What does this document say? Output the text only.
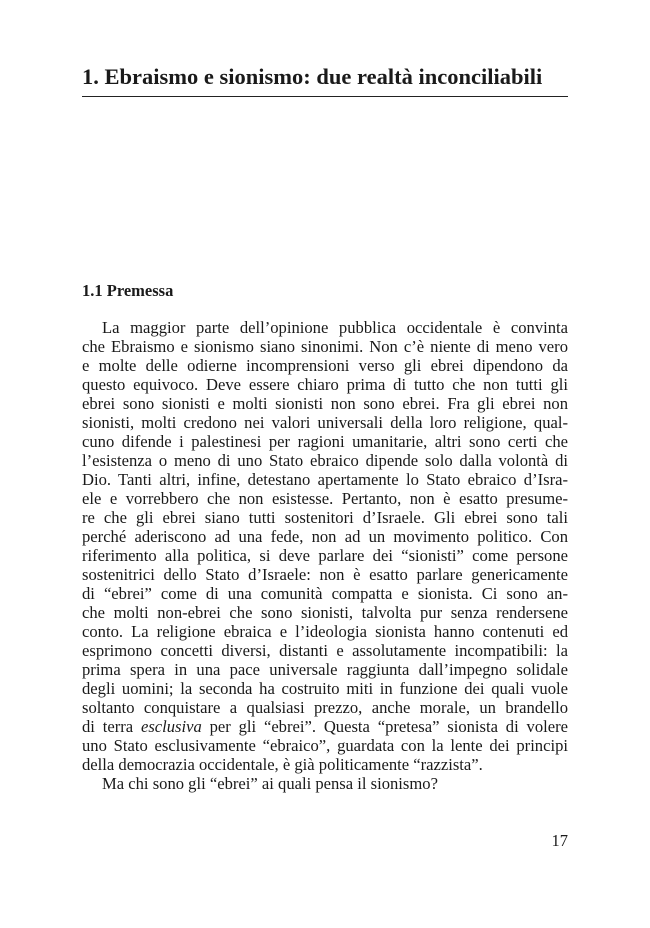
1. Ebraismo e sionismo: due realtà inconciliabili
1.1 Premessa
La maggior parte dell’opinione pubblica occidentale è convinta
che Ebraismo e sionismo siano sinonimi. Non c’è niente di meno vero
e molte delle odierne incomprensioni verso gli ebrei dipendono da
questo equivoco. Deve essere chiaro prima di tutto che non tutti gli
ebrei sono sionisti e molti sionisti non sono ebrei. Fra gli ebrei non
sionisti, molti credono nei valori universali della loro religione, qual-
cuno difende i palestinesi per ragioni umanitarie, altri sono certi che
l’esistenza o meno di uno Stato ebraico dipende solo dalla volontà di
Dio. Tanti altri, infine, detestano apertamente lo Stato ebraico d’Isra-
ele e vorrebbero che non esistesse. Pertanto, non è esatto presume-
re che gli ebrei siano tutti sostenitori d’Israele. Gli ebrei sono tali
perché aderiscono ad una fede, non ad un movimento politico. Con
riferimento alla politica, si deve parlare dei “sionisti” come persone
sostenitrici dello Stato d’Israele: non è esatto parlare genericamente
di “ebrei” come di una comunità compatta e sionista. Ci sono an-
che molti non-ebrei che sono sionisti, talvolta pur senza rendersene
conto. La religione ebraica e l’ideologia sionista hanno contenuti ed
esprimono concetti diversi, distanti e assolutamente incompatibili: la
prima spera in una pace universale raggiunta dall’impegno solidale
degli uomini; la seconda ha costruito miti in funzione dei quali vuole
soltanto conquistare a qualsiasi prezzo, anche morale, un brandello
di terra esclusiva per gli “ebrei”. Questa “pretesa” sionista di volere
uno Stato esclusivamente “ebraico”, guardata con la lente dei principi
della democrazia occidentale, è già politicamente “razzista”.
Ma chi sono gli “ebrei” ai quali pensa il sionismo?
17
